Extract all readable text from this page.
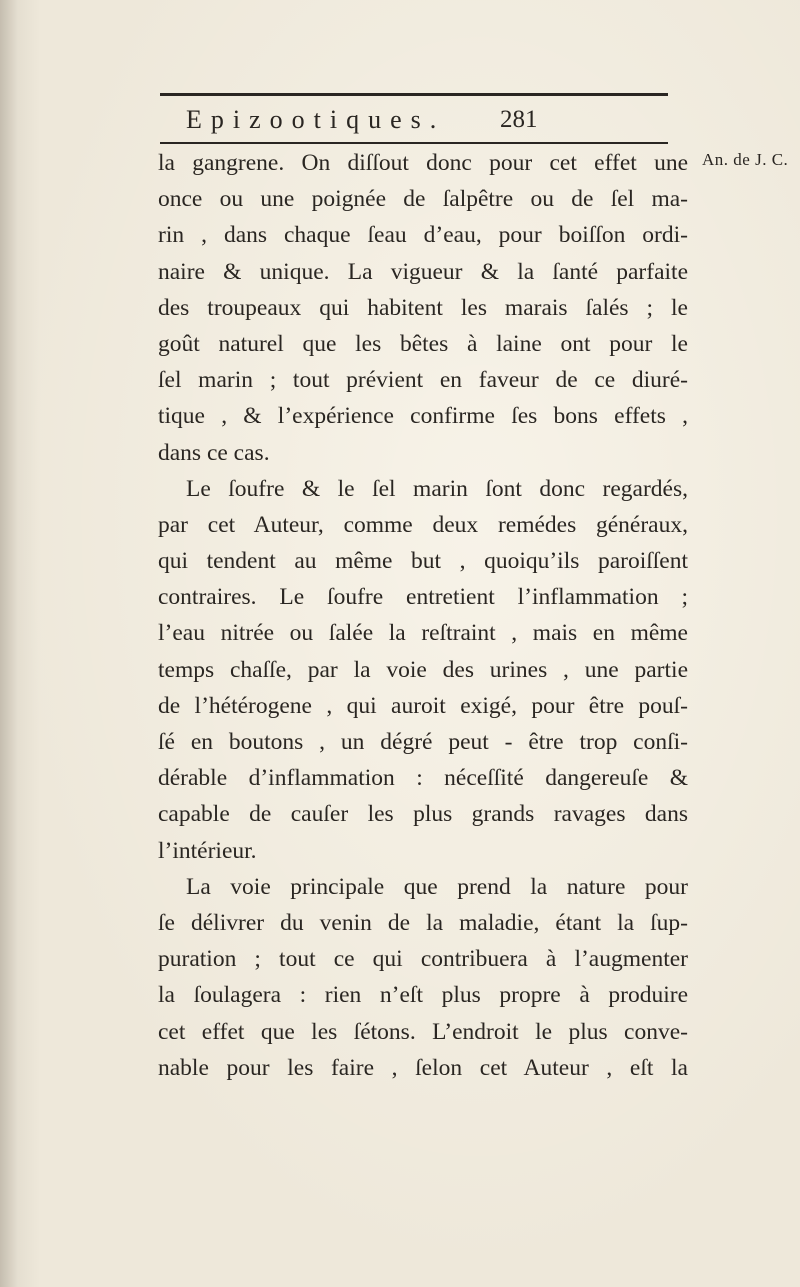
Epizootiques. 281
An. de J. C.
la gangrene. On diſſout donc pour cet effet une
once ou une poignée de ſalpêtre ou de ſel ma-
rin , dans chaque ſeau d’eau, pour boiſſon ordi-
naire & unique. La vigueur & la ſanté parfaite
des troupeaux qui habitent les marais ſalés ; le
goût naturel que les bêtes à laine ont pour le
ſel marin ; tout prévient en faveur de ce diuré-
tique , & l’expérience confirme ſes bons effets ,
dans ce cas.
Le ſoufre & le ſel marin ſont donc regardés,
par cet Auteur, comme deux remédes généraux,
qui tendent au même but , quoiqu’ils paroiſſent
contraires. Le ſoufre entretient l’inflammation ;
l’eau nitrée ou ſalée la reſtraint , mais en même
temps chaſſe, par la voie des urines , une partie
de l’hétérogene , qui auroit exigé, pour être pouſ-
ſé en boutons , un dégré peut - être trop conſi-
dérable d’inflammation : néceſſité dangereuſe &
capable de cauſer les plus grands ravages dans
l’intérieur.
La voie principale que prend la nature pour
ſe délivrer du venin de la maladie, étant la ſup-
puration ; tout ce qui contribuera à l’augmenter
la ſoulagera : rien n’eſt plus propre à produire
cet effet que les ſétons. L’endroit le plus conve-
nable pour les faire , ſelon cet Auteur , eſt la
